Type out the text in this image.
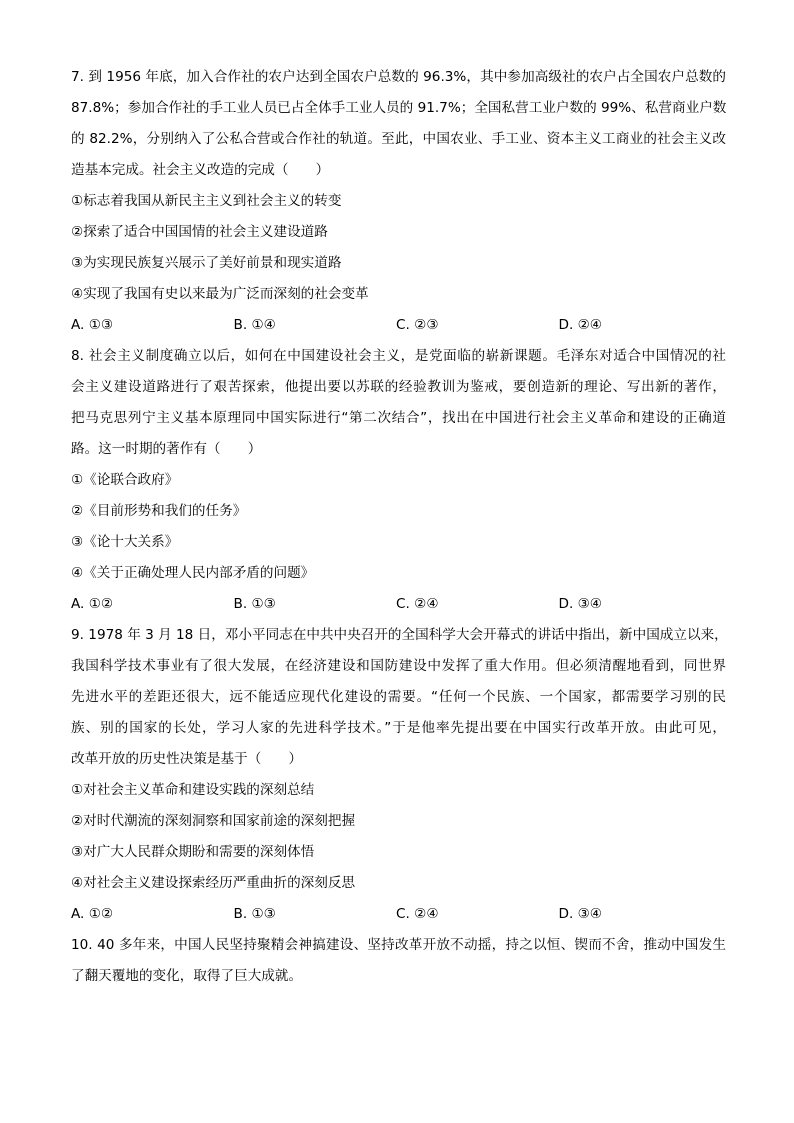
7. 到 1956 年底，加入合作社的农户达到全国农户总数的 96.3%，其中参加高级社的农户占全国农户总数的
87.8%；参加合作社的手工业人员已占全体手工业人员的 91.7%；全国私营工业户数的 99%、私营商业户数
的 82.2%，分别纳入了公私合营或合作社的轨道。至此，中国农业、手工业、资本主义工商业的社会主义改
造基本完成。社会主义改造的完成（　　）
①标志着我国从新民主主义到社会主义的转变
②探索了适合中国国情的社会主义建设道路
③为实现民族复兴展示了美好前景和现实道路
④实现了我国有史以来最为广泛而深刻的社会变革
A. ①③	B. ①④	C. ②③	D. ②④
8. 社会主义制度确立以后，如何在中国建设社会主义，是党面临的崭新课题。毛泽东对适合中国情况的社
会主义建设道路进行了艰苦探索，他提出要以苏联的经验教训为鉴戒，要创造新的理论、写出新的著作，
把马克思列宁主义基本原理同中国实际进行“第二次结合”，找出在中国进行社会主义革命和建设的正确道
路。这一时期的著作有（　　）
①《论联合政府》
②《目前形势和我们的任务》
③《论十大关系》
④《关于正确处理人民内部矛盾的问题》
A. ①②	B. ①③	C. ②④	D. ③④
9. 1978 年 3 月 18 日，邓小平同志在中共中央召开的全国科学大会开幕式的讲话中指出，新中国成立以来，
我国科学技术事业有了很大发展，在经济建设和国防建设中发挥了重大作用。但必须清醒地看到，同世界
先进水平的差距还很大，远不能适应现代化建设的需要。“任何一个民族、一个国家，都需要学习别的民
族、别的国家的长处，学习人家的先进科学技术。”于是他率先提出要在中国实行改革开放。由此可见，
改革开放的历史性决策是基于（　　）
①对社会主义革命和建设实践的深刻总结
②对时代潮流的深刻洞察和国家前途的深刻把握
③对广大人民群众期盼和需要的深刻体悟
④对社会主义建设探索经历严重曲折的深刻反思
A. ①②	B. ①③	C. ②④	D. ③④
10. 40 多年来，中国人民坚持聚精会神搞建设、坚持改革开放不动摇，持之以恒、锲而不舍，推动中国发生
了翻天覆地的变化，取得了巨大成就。
